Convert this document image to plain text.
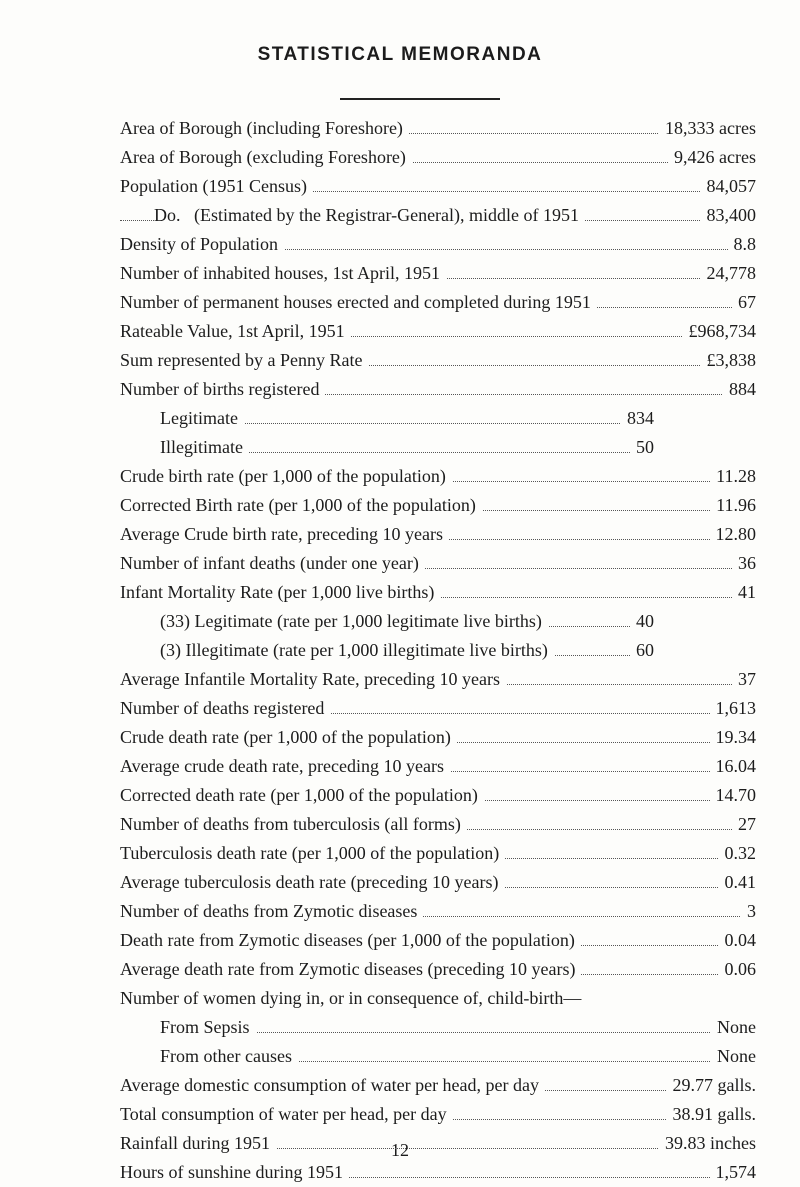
STATISTICAL MEMORANDA
Area of Borough (including Foreshore)	18,333 acres
Area of Borough (excluding Foreshore)	9,426 acres
Population (1951 Census)	84,057
Do.   (Estimated by the Registrar-General), middle of 1951	83,400
Density of Population	8.8
Number of inhabited houses, 1st April, 1951	24,778
Number of permanent houses erected and completed during 1951	67
Rateable Value, 1st April, 1951	£968,734
Sum represented by a Penny Rate	£3,838
Number of births registered	884
Legitimate	834
Illegitimate	50
Crude birth rate (per 1,000 of the population)	11.28
Corrected Birth rate (per 1,000 of the population)	11.96
Average Crude birth rate, preceding 10 years	12.80
Number of infant deaths (under one year)	36
Infant Mortality Rate (per 1,000 live births)	41
(33) Legitimate (rate per 1,000 legitimate live births)	40
(3) Illegitimate (rate per 1,000 illegitimate live births)	60
Average Infantile Mortality Rate, preceding 10 years	37
Number of deaths registered	1,613
Crude death rate (per 1,000 of the population)	19.34
Average crude death rate, preceding 10 years	16.04
Corrected death rate (per 1,000 of the population)	14.70
Number of deaths from tuberculosis (all forms)	27
Tuberculosis death rate (per 1,000 of the population)	0.32
Average tuberculosis death rate (preceding 10 years)	0.41
Number of deaths from Zymotic diseases	3
Death rate from Zymotic diseases (per 1,000 of the population)	0.04
Average death rate from Zymotic diseases (preceding 10 years)	0.06
Number of women dying in, or in consequence of, child-birth—
From Sepsis	None
From other causes	None
Average domestic consumption of water per head, per day	29.77 galls.
Total consumption of water per head, per day	38.91 galls.
Rainfall during 1951	39.83 inches
Hours of sunshine during 1951	1,574
12
